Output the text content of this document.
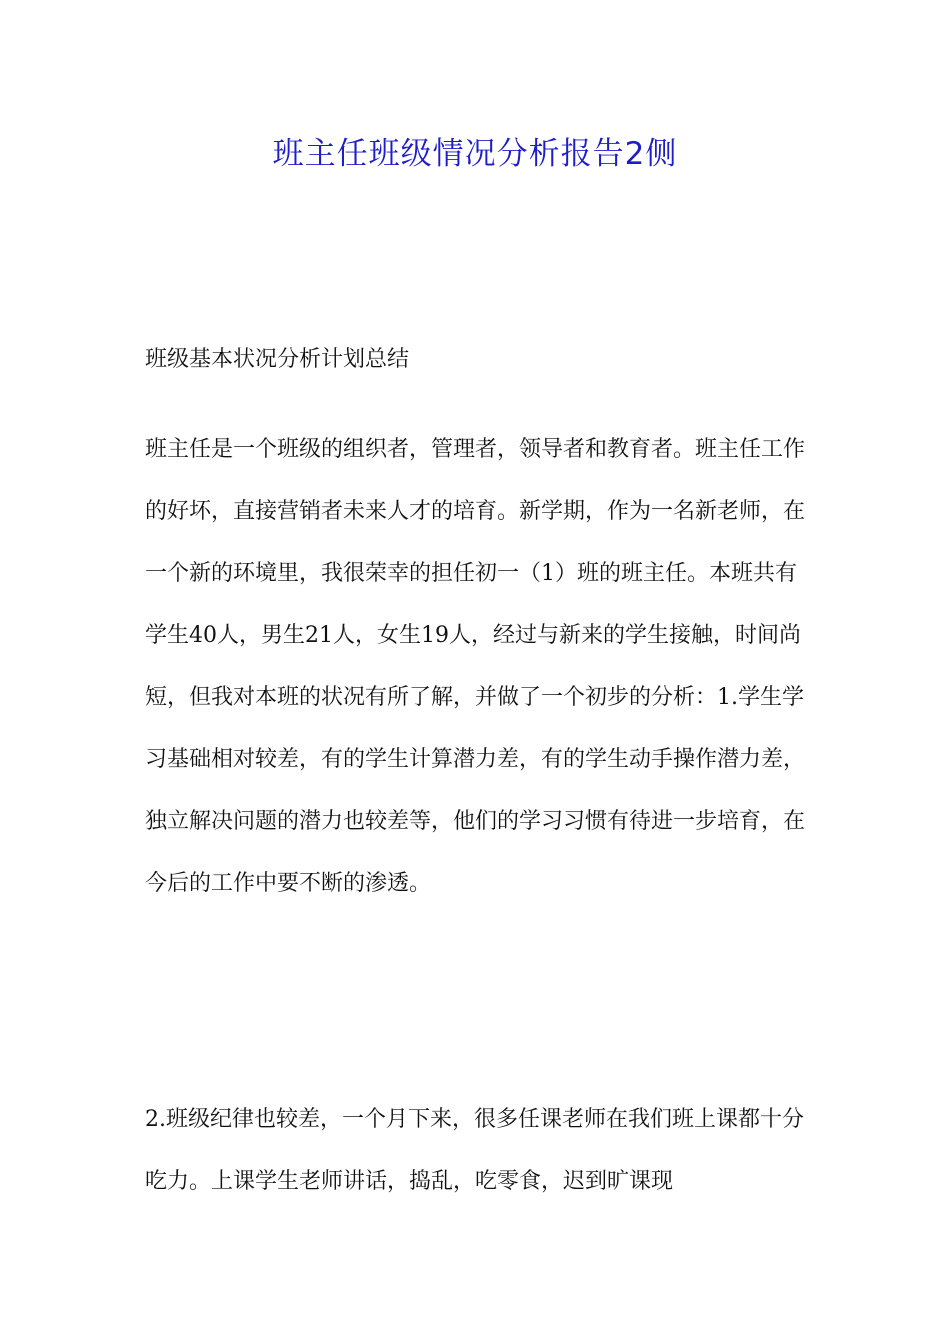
班主任班级情况分析报告2侧

班级基本状况分析计划总结

班主任是一个班级的组织者，管理者，领导者和教育者。班主任工作的好坏，直接营销者未来人才的培育。新学期，作为一名新老师，在一个新的环境里，我很荣幸的担任初一（1）班的班主任。本班共有学生40人，男生21人，女生19人，经过与新来的学生接触，时间尚短，但我对本班的状况有所了解，并做了一个初步的分析：1.学生学习基础相对较差，有的学生计算潜力差，有的学生动手操作潜力差，独立解决问题的潜力也较差等，他们的学习习惯有待进一步培育，在今后的工作中要不断的渗透。

2.班级纪律也较差，一个月下来，很多任课老师在我们班上课都十分吃力。上课学生老师讲话，捣乱，吃零食，迟到旷课现
